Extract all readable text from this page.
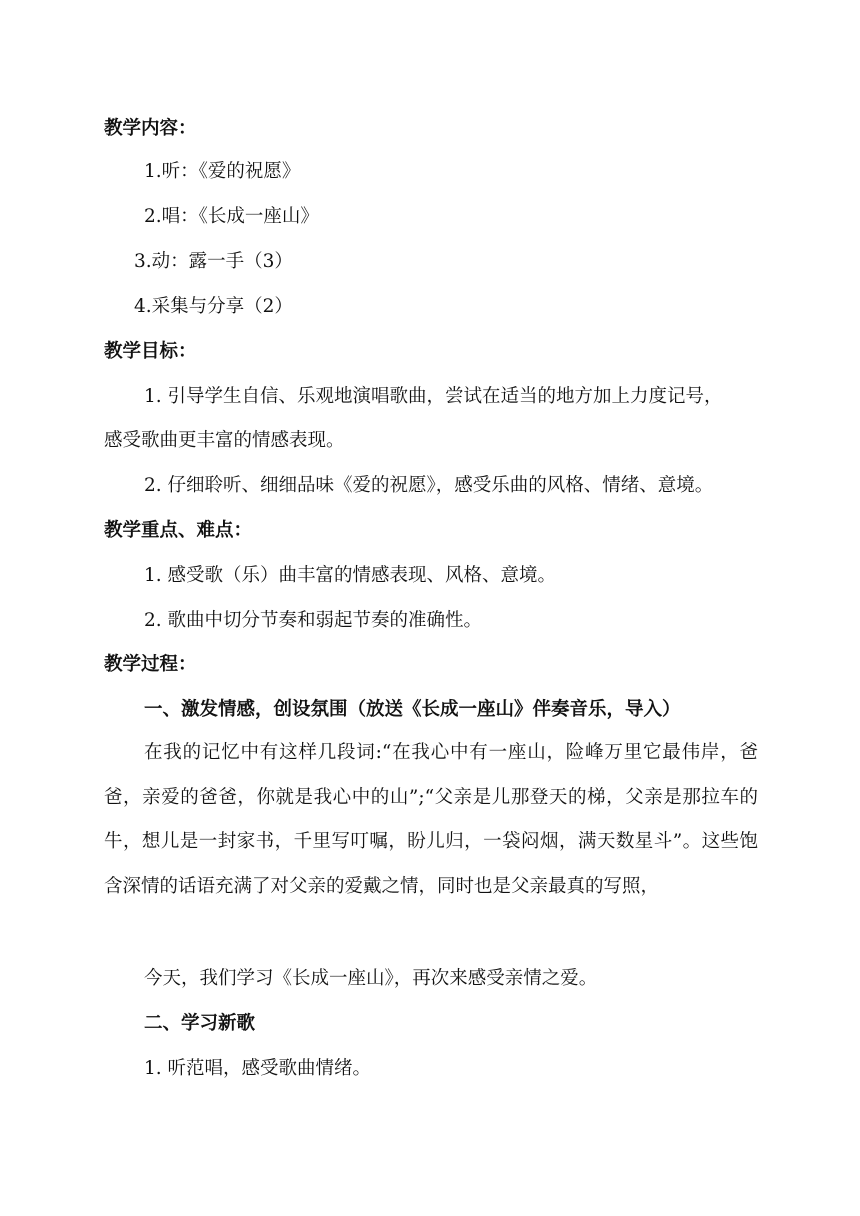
教学内容：

1.听：《爱的祝愿》

2.唱：《长成一座山》

3.动：露一手（3）

4.采集与分享（2）

教学目标：

1. 引导学生自信、乐观地演唱歌曲，尝试在适当的地方加上力度记号，

感受歌曲更丰富的情感表现。

2. 仔细聆听、细细品味《爱的祝愿》，感受乐曲的风格、情绪、意境。

教学重点、难点：

1. 感受歌（乐）曲丰富的情感表现、风格、意境。

2. 歌曲中切分节奏和弱起节奏的准确性。

教学过程：

一、激发情感，创设氛围（放送《长成一座山》伴奏音乐，导入）

在我的记忆中有这样几段词:“在我心中有一座山，险峰万里它最伟岸，爸爸，亲爱的爸爸，你就是我心中的山”;“父亲是儿那登天的梯，父亲是那拉车的牛，想儿是一封家书，千里写叮嘱，盼儿归，一袋闷烟，满天数星斗”。这些饱含深情的话语充满了对父亲的爱戴之情，同时也是父亲最真的写照，

今天，我们学习《长成一座山》，再次来感受亲情之爱。

二、学习新歌

1. 听范唱，感受歌曲情绪。
